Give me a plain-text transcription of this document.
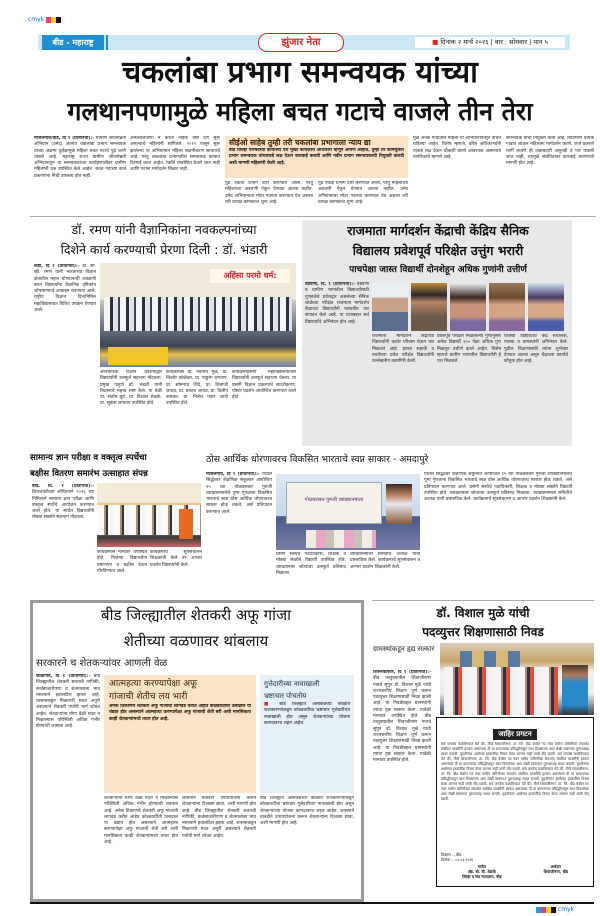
cmyk
बीड - महाराष्ट्र	झुंजार नेता	■ दिनांक २ मार्च २०२६ | वार : सोमवार | पान ५
चकलांबा प्रभाग समन्वयक यांच्या
गलथानपणामुळे महिला बचत गटाचे वाजले तीन तेरा
माजलगाव/बीड, दि १ (प्रतिनिधी):- ग्रामीण जीवनोन्नती अभियान (उमेद) अंतर्गत चकलांबा प्रभाग समन्वयक यांच्या अक्षम्य दुर्लक्षामुळे महिला बचत गटाचे पुढे जाणे थांबले आहे. महाराष्ट्र राज्य ग्रामीण जीवनोन्नती अभियानातून या समन्वयकांच्या कार्यप्रणालीवर ग्रामीण महिलांनी प्रश्न उपस्थित केले आहेत. बचत गटाच्या कर्ज प्रकरणांना निधी उपलब्ध होत नाही.
अंमलबजावणी न करता नाहक त्रास देणे सुरू असल्याचे महिलांनी सांगितले. २०१२ पासून सुरू झालेल्या या अभियानात महिला सक्षमीकरण साधायचे आहे, परंतु चकलांबा प्रभागातील समन्वयक कामात दिरंगाई करत आहेत. रेकॉर्ड व्यवस्थित ठेवले जात नाही आणि गटांना मार्गदर्शन मिळत नाही.
सीईओ साहेब तुम्ही तरी चकलांबा प्रभागाला न्याय द्या
बीड जिल्हा परिषदेच्या कार्यालय येथे मुख्य कार्यकारी अधिकारी म्हणून आपण आहात, तुम्ही तर कामचुकार प्रभाग समन्वयक यांच्याकडे लक्ष देऊन कारवाई करावी आणि नवीन प्रभाग समन्वयकाची नियुक्ती करावी अशी मागणी महिलांनी केली आहे.
पुढे एकदा प्रभाग दौरा करण्यात आला, परंतु महिलांच्या अडचणी ऐकून घेण्यात आल्या नाहीत. उमेद अभियानाचा मोठा गवगवा करण्यात येत असला तरी प्रत्यक्ष कामकाज शून्य आहे.
पुढे एकदा प्रभाग दौरा करण्यात आला, परंतु महिलांच्या अडचणी ऐकून घेण्यात आल्या नाहीत. उमेद अभियानाचा मोठा गवगवा करण्यात येत असला तरी प्रत्यक्ष कामकाज शून्य आहे.
मुळे अनेक गावांतील महिला या अभियानापासून वंचित राहिल्या आहेत. विशेष म्हणजे, वरिष्ठ अधिकाऱ्यांनी याकडे लक्ष देऊन चौकशी करणे आवश्यक असल्याचे नागरिकांचे म्हणणे आहे.
समन्वयक यांची नियुक्ती केली आहे, त्याप्रमाणे प्रत्येक गावात जाऊन महिलांना मार्गदर्शन करणे, कर्ज प्रकरणे मार्गी लावणे ही जबाबदारी असूनही ते पार पाडली जात नाही, त्यामुळे संबंधितांवर कारवाई करण्याची मागणी होत आहे.
डॉ. रमण यांनी वैज्ञानिकांना नवकल्पनांच्या
दिशेने कार्य करण्याची प्रेरणा दिली : डॉ. भंडारी
कडा, दि १ (प्रतिनिधी):- डॉ. सी. व्ही. रमण यांनी भारताच्या विज्ञान क्षेत्रातील महान योगदानाची उजळणी करत विद्यार्थ्यांना वैज्ञानिक दृष्टिकोन जोपासण्याचे आवाहन करण्यात आले. राष्ट्रीय विज्ञान दिनानिमित्त महाविद्यालयात विविध उपक्रम घेण्यात आले.
अहिंसा परमो धर्म:
औपचारिक विज्ञान प्रदर्शनाद्वारे विद्यार्थ्यांनी उत्स्फूर्त सहभाग नोंदवला. प्रमुख पाहुणे डॉ. भंडारी यांनी विज्ञानाचे महत्त्व स्पष्ट केले. या वेळी प्रा. संतोष कुटे, प्रा. विशाल शेळके, प्रा. सुहास जगताप उपस्थित होते.
कार्यक्रमास प्रा. नवनाथ मुळे, प्रा. किशोर कोळेकर, प्रा. पांडुरंग जगताप, प्रा. सोमनाथ शिंदे, प्रा. शिवाजी जाधव, प्रा. प्रकाश जाधव, प्रा. दिलीप वायकर, प्रा. निलेश पवार आदी उपस्थित होते.
कार्यक्रमाप्रसंगी महाविद्यालयातील विद्यार्थ्यांनी उत्स्फूर्त सहभाग घेतला. या प्रसंगी विज्ञान प्रकल्पांचे सादरीकरण, पोस्टर प्रदर्शन आयोजित करण्यात आले होते.
राजमाता मार्गदर्शन केंद्राची केंद्रिय सैनिक
विद्यालय प्रवेशपूर्व परिक्षेत उत्तुंग भरारी
पाचपेक्षा जास्त विद्यार्थी दोनशेहून अधिक गुणांनी उत्तीर्ण
वडवणी, दि. १ (प्रतिनिधी):- वडवणी व ग्रामीण भागातील विद्यार्थ्यांसाठी गुणवत्तेचे प्रवेशद्वार असलेल्या सैनिक शाळेच्या परीक्षेत राजमाता मार्गदर्शन केंद्राच्या विद्यार्थ्यांनी घवघवीत यश संपादन केले आहे. या यशाबद्दल सर्व विद्यार्थ्यांचे अभिनंदन होत आहे.
राजमाता मार्गदर्शन केंद्राच्या विद्यार्थ्यांनी कठोर परिश्रम घेऊन यश मिळवले आहे. इयत्ता सहावी व नववीच्या प्रवेश परीक्षेत विद्यार्थ्यांनी उल्लेखनीय कामगिरी केली.
प्रवेशपूर्व परीक्षेत मिळालेल्या गुणांनुसार अनेक विद्यार्थी २०० पेक्षा अधिक गुण मिळवून उत्तीर्ण झाले आहेत. विशेष म्हणजे ग्रामीण भागातील विद्यार्थ्यांनी हे यश मिळवले.
यशस्वी विद्यार्थ्यांचे केंद्र संचालक, पालक व ग्रामस्थांनी अभिनंदन केले. पुढील शिक्षणासाठी त्यांना शुभेच्छा देण्यात आल्या असून केंद्राच्या कार्याचे कौतुक होत आहे.
सामान्य ज्ञान परीक्षा व वक्तृत्व स्पर्धेचा
बक्षीस वितरण समारंभ उत्साहात संपन्न
बीड, दि. १ (प्रतिनिधी):- शिवजयंतीच्या औचित्याने २०२६ च्या निमित्ताने सामान्य ज्ञान परीक्षा आणि वक्तृत्व स्पर्धेचे आयोजन करण्यात आले होते. या स्पर्धेत विद्यार्थ्यांनी मोठ्या संख्येने सहभाग नोंदवला.
कार्यक्रमास मान्यवर उपस्थित होते. विजेत्या विद्यार्थ्यांना प्रमाणपत्र व बक्षीस देऊन गौरविण्यात आले.
कार्यक्रमाचे सूत्रसंचालन शिक्षकांनी केले तर आभार प्रदर्शन विद्यार्थ्यांनी केले.
ठोस आर्थिक धोरणावरच विकसित भारताचे स्वप्न साकार - अमदापुरे
माजलगाव, दि १ (प्रतिनिधी):- येथील सिद्धेश्वर शैक्षणिक संकुलात आयोजित १५ व्या गोळवलकर गुरुजी व्याख्यानमालेचे पुष्प गुंफताना विकसित भारताचे स्वप्न ठोस आर्थिक धोरणावरच साकार होऊ शकते, असे प्रतिपादन करण्यात आले.
गोळवलकर गुरुजी व्याख्यानमाला
प्रसंगी संस्थेचे पदाधिकारी, शिक्षक व मोठ्या संख्येने विद्यार्थी उपस्थित होते. व्याख्यानास श्रोत्यांचा उत्स्फूर्त प्रतिसाद मिळाला.
व्याख्यानमाला समितीचे अध्यक्ष यांनी प्रास्ताविक केले. कार्यक्रमाचे सूत्रसंचालन व आभार प्रदर्शन शिक्षकांनी केले.
येथील सिद्धेश्वर शैक्षणिक संकुलात आयोजित १५ व्या गोळवलकर गुरुजी व्याख्यानमालेचे पुष्प गुंफताना विकसित भारताचे स्वप्न ठोस आर्थिक धोरणावरच साकार होऊ शकते, असे प्रतिपादन करण्यात आले. प्रसंगी संस्थेचे पदाधिकारी, शिक्षक व मोठ्या संख्येने विद्यार्थी उपस्थित होते. व्याख्यानास श्रोत्यांचा उत्स्फूर्त प्रतिसाद मिळाला. व्याख्यानमाला समितीचे अध्यक्ष यांनी प्रास्ताविक केले. कार्यक्रमाचे सूत्रसंचालन व आभार प्रदर्शन शिक्षकांनी केले.
बीड जिल्ह्यातील शेतकरी अफू गांजा
शेतीच्या वळणावर थांबलाय
सरकारने च शेतकऱ्यांवर आणली वेळ
कोळगाव, दि १ (प्रतिनिधी):- बीड जिल्ह्यातील शेतकरी सततची नापिकी, कर्जबाजारीपणा व शेतमालाला भाव नसल्याने हवालदिल झाला आहे. शासनाकडून मिळणारी मदत अपुरी असल्याने शेतकरी पर्यायी मार्ग शोधत आहेत. शेतकऱ्यांना योग्य वेळी मदत न मिळाल्यास परिस्थिती अधिक गंभीर होण्याची शक्यता आहे.
आत्महत्या करण्यापेक्षा अफू
गांजाची शेतीच लय भारी
अनेक ठिकाणचे शेतकरी अफू गांजाची लागवड करीत आहेत कोट्यवधींची उलाढाल या धंद्यात होत असल्याने आत्महत्या करण्यापेक्षा अफू गांजाची शेती बरी अशी मानसिकता काही शेतकऱ्यांमध्ये तयार होत आहे.
गुत्तेदारीच्या नावाखाली
भ्रष्टाचार पोचतोय
■ बीड जिल्ह्यात अलीकडच्या काळात राजकारण्यांकडून कोट्यवधींचा भ्रष्टाचार गुत्तेदारीच्या नावाखाली होत असून शेतकऱ्यांच्या योजना कागदावरच राहत आहेत.
शेतकऱ्यांना योग्य वेळी मदत न मिळाल्यास परिस्थिती अधिक गंभीर होण्याची शक्यता आहे. अनेक ठिकाणचे शेतकरी अफू गांजाची लागवड करीत आहेत कोट्यवधींची उलाढाल या धंद्यात होत असल्याने आत्महत्या करण्यापेक्षा अफू गांजाची शेती बरी अशी मानसिकता काही शेतकऱ्यांमध्ये तयार होत आहे.
शासनाने तातडीने उपाययोजना करून शेतकऱ्यांना दिलासा द्यावा, अशी मागणी होत आहे. बीड जिल्ह्यातील शेतकरी सततची नापिकी, कर्जबाजारीपणा व शेतमालाला भाव नसल्याने हवालदिल झाला आहे. शासनाकडून मिळणारी मदत अपुरी असल्याने शेतकरी पर्यायी मार्ग शोधत आहेत.
बीड जिल्ह्यात अलीकडच्या काळात राजकारण्यांकडून कोट्यवधींचा भ्रष्टाचार गुत्तेदारीच्या नावाखाली होत असून शेतकऱ्यांच्या योजना कागदावरच राहत आहेत. शासनाने तातडीने उपाययोजना करून शेतकऱ्यांना दिलासा द्यावा, अशी मागणी होत आहे.
डॉ. विशाल मुळे यांची
पदव्युत्तर शिक्षणासाठी निवड
ग्रामस्थांकडून हृद्य सत्कार
शिरूरकासार, दि १ (प्रतिनिधी):- बीड तालुक्यातील शिवाजीनगर गावचे सुपुत्र डॉ. विशाल मुळे यांची राज्यस्तरीय शिक्षण पूर्ण करून पदव्युत्तर शिक्षणासाठी निवड झाली आहे. या निवडीबद्दल ग्रामस्थांनी त्यांचा हृद्य सत्कार केला. यावेळी मान्यवर उपस्थित होते. बीड तालुक्यातील शिवाजीनगर गावचे सुपुत्र डॉ. विशाल मुळे यांची राज्यस्तरीय शिक्षण पूर्ण करून पदव्युत्तर शिक्षणासाठी निवड झाली आहे. या निवडीबद्दल ग्रामस्थांनी त्यांचा हृद्य सत्कार केला. यावेळी मान्यवर उपस्थित होते.
जाहिर प्रगटन
सर्व जनतेस कळविण्यात येते की, मौजे शिवाजीनगर, ता. जि. बीड येथील गट नंबर मधील जमिनीच्या संदर्भात संबंधित व्यक्तींनी हरकत असल्यास ती या प्रगटनाच्या प्रसिद्धीपासून सात दिवसांच्या आत लेखी स्वरूपात पुराव्यासह सादर करावी. मुदतीनंतर आलेल्या हरकतींचा विचार केला जाणार नाही याची नोंद घ्यावी. सर्व जनतेस कळविण्यात येते की, मौजे शिवाजीनगर, ता. जि. बीड येथील गट नंबर मधील जमिनीच्या संदर्भात संबंधित व्यक्तींनी हरकत असल्यास ती या प्रगटनाच्या प्रसिद्धीपासून सात दिवसांच्या आत लेखी स्वरूपात पुराव्यासह सादर करावी. मुदतीनंतर आलेल्या हरकतींचा विचार केला जाणार नाही याची नोंद घ्यावी. सर्व जनतेस कळविण्यात येते की, मौजे शिवाजीनगर, ता. जि. बीड येथील गट नंबर मधील जमिनीच्या संदर्भात संबंधित व्यक्तींनी हरकत असल्यास ती या प्रगटनाच्या प्रसिद्धीपासून सात दिवसांच्या आत लेखी स्वरूपात पुराव्यासह सादर करावी. मुदतीनंतर आलेल्या हरकतींचा विचार केला जाणार नाही याची नोंद घ्यावी. सर्व जनतेस कळविण्यात येते की, मौजे शिवाजीनगर, ता. जि. बीड येथील गट नंबर मधील जमिनीच्या संदर्भात संबंधित व्यक्तींनी हरकत असल्यास ती या प्रगटनाच्या प्रसिद्धीपासून सात दिवसांच्या आत लेखी स्वरूपात पुराव्यासह सादर करावी. मुदतीनंतर आलेल्या हरकतींचा विचार केला जाणार नाही याची नोंद घ्यावी.
ठिकाण :- बीड
दिनांक :- ०२.०३.२०२६
मार्फत
ॲड. बी. बी. शेळके
जिल्हा व सत्र न्यायालय, बीड
अर्जदार
शिवाजीनगर, बीड
cmyk
